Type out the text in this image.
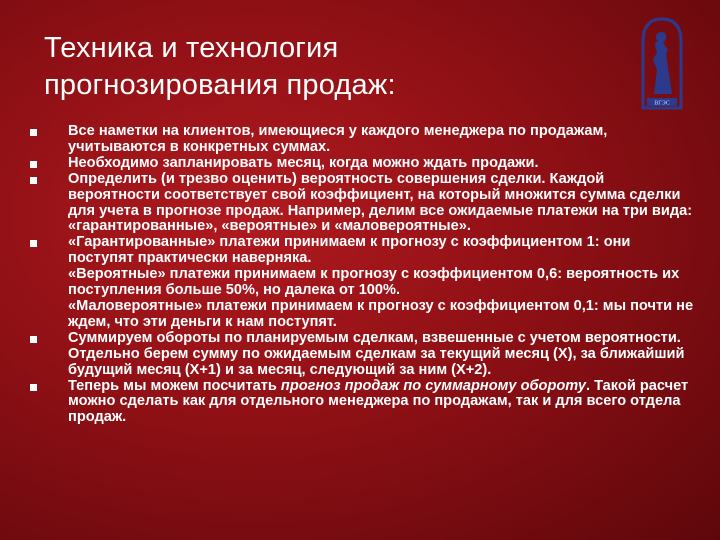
Техника и технология
прогнозирования продаж:
ВГЭС

Все наметки на клиентов, имеющиеся у каждого менеджера по продажам, учитываются в конкретных суммах.

Необходимо запланировать месяц, когда можно ждать продажи.

Определить (и трезво оценить) вероятность совершения сделки. Каждой вероятности соответствует свой коэффициент, на который множится сумма сделки для учета в прогнозе продаж. Например, делим все ожидаемые платежи на три вида: «гарантированные», «вероятные» и «маловероятные».

«Гарантированные» платежи принимаем к прогнозу с коэффициентом 1: они поступят практически наверняка.

«Вероятные» платежи принимаем к прогнозу с коэффициентом 0,6: вероятность их поступления больше 50%, но далека от 100%.

«Маловероятные» платежи принимаем к прогнозу с коэффициентом 0,1: мы почти не ждем, что эти деньги к нам поступят.

Суммируем обороты по планируемым сделкам, взвешенные с учетом вероятности. Отдельно берем сумму по ожидаемым сделкам за текущий месяц (X), за ближайший будущий месяц (X+1) и за месяц, следующий за ним (X+2).

Теперь мы можем посчитать прогноз продаж по суммарному обороту. Такой расчет можно сделать как для отдельного менеджера по продажам, так и для всего отдела продаж.
